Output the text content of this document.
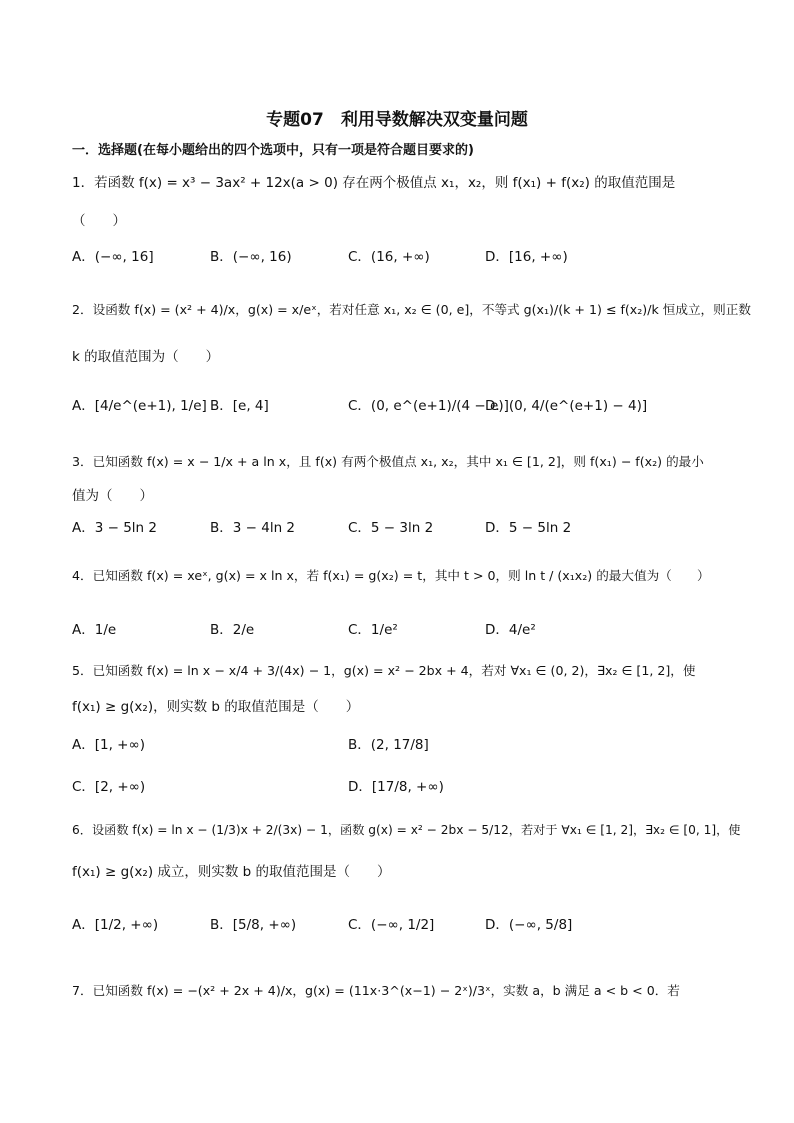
专题07　利用导数解决双变量问题
一．选择题(在每小题给出的四个选项中，只有一项是符合题目要求的)
1．若函数 f(x) = x³ − 3ax² + 12x(a > 0) 存在两个极值点 x₁，x₂，则 f(x₁) + f(x₂) 的取值范围是
（　　）
A．(−∞, 16]	B．(−∞, 16)	C．(16, +∞)	D．[16, +∞)
2．设函数 f(x) = (x² + 4)/x，g(x) = x/eˣ，若对任意 x₁, x₂ ∈ (0, e]，不等式 g(x₁)/(k + 1) ≤ f(x₂)/k 恒成立，则正数
k 的取值范围为（　　）
A．[4/e^(e+1), 1/e] B．[e, 4]	C．(0, e^(e+1)/(4 − e)]
D．(0, 4/(e^(e+1) − 4)]
3．已知函数 f(x) = x − 1/x + a ln x，且 f(x) 有两个极值点 x₁, x₂，其中 x₁ ∈ [1, 2]，则 f(x₁) − f(x₂) 的最小
值为（　　）
A．3 − 5ln 2	B．3 − 4ln 2	C．5 − 3ln 2	D．5 − 5ln 2
4．已知函数 f(x) = xeˣ, g(x) = x ln x，若 f(x₁) = g(x₂) = t，其中 t > 0，则 ln t / (x₁x₂) 的最大值为（　　）
A．1/e	B．2/e	C．1/e²	D．4/e²
5．已知函数 f(x) = ln x − x/4 + 3/(4x) − 1，g(x) = x² − 2bx + 4，若对 ∀x₁ ∈ (0, 2)，∃x₂ ∈ [1, 2]，使
f(x₁) ≥ g(x₂)，则实数 b 的取值范围是（　　）
A．[1, +∞)	B．(2, 17/8]
C．[2, +∞)	D．[17/8, +∞)
6．设函数 f(x) = ln x − (1/3)x + 2/(3x) − 1，函数 g(x) = x² − 2bx − 5/12，若对于 ∀x₁ ∈ [1, 2]，∃x₂ ∈ [0, 1]，使
f(x₁) ≥ g(x₂) 成立，则实数 b 的取值范围是（　　）
A．[1/2, +∞)	B．[5/8, +∞)	C．(−∞, 1/2]	D．(−∞, 5/8]
7．已知函数 f(x) = −(x² + 2x + 4)/x，g(x) = (11x·3^(x−1) − 2ˣ)/3ˣ，实数 a，b 满足 a < b < 0．若
